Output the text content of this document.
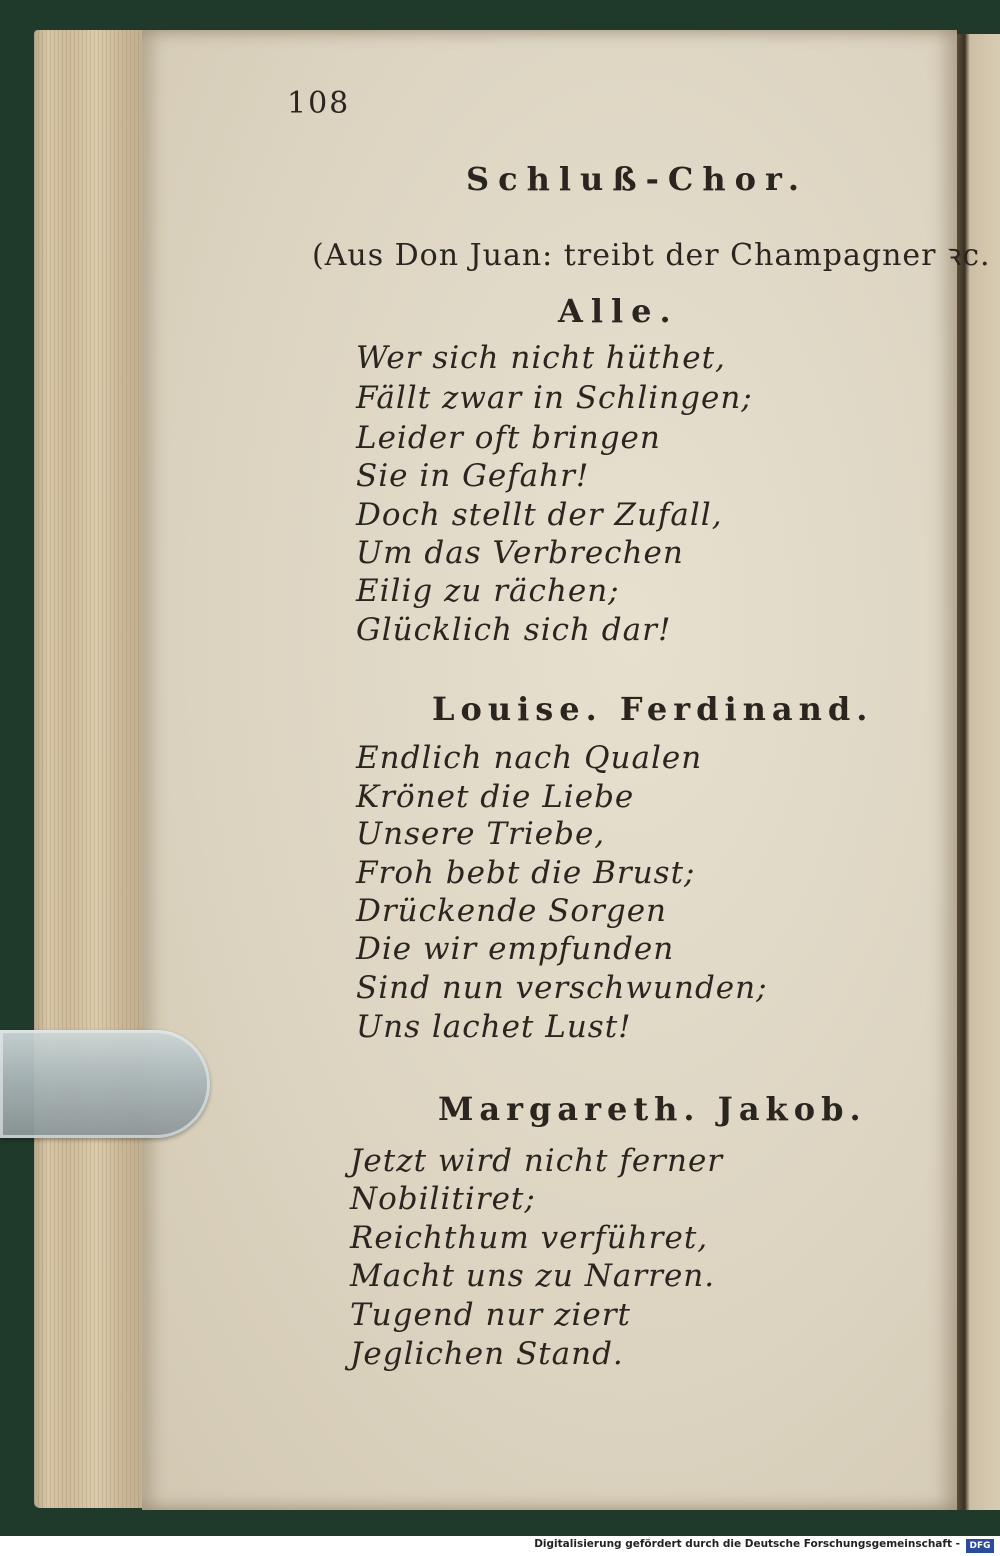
108
Schluß-Chor.
(Aus Don Juan: treibt der Champagner ꝛc.
Alle.
Wer sich nicht hüthet,
Fällt zwar in Schlingen;
Leider oft bringen
Sie in Gefahr!
Doch stellt der Zufall,
Um das Verbrechen
Eilig zu rächen;
Glücklich sich dar!
Louise. Ferdinand.
Endlich nach Qualen
Krönet die Liebe
Unsere Triebe,
Froh bebt die Brust;
Drückende Sorgen
Die wir empfunden
Sind nun verschwunden;
Uns lachet Lust!
Margareth. Jakob.
Jetzt wird nicht ferner
Nobilitiret;
Reichthum verführet,
Macht uns zu Narren.
Tugend nur ziert
Jeglichen Stand.
Digitalisierung gefördert durch die Deutsche Forschungsgemeinschaft -	DFG
